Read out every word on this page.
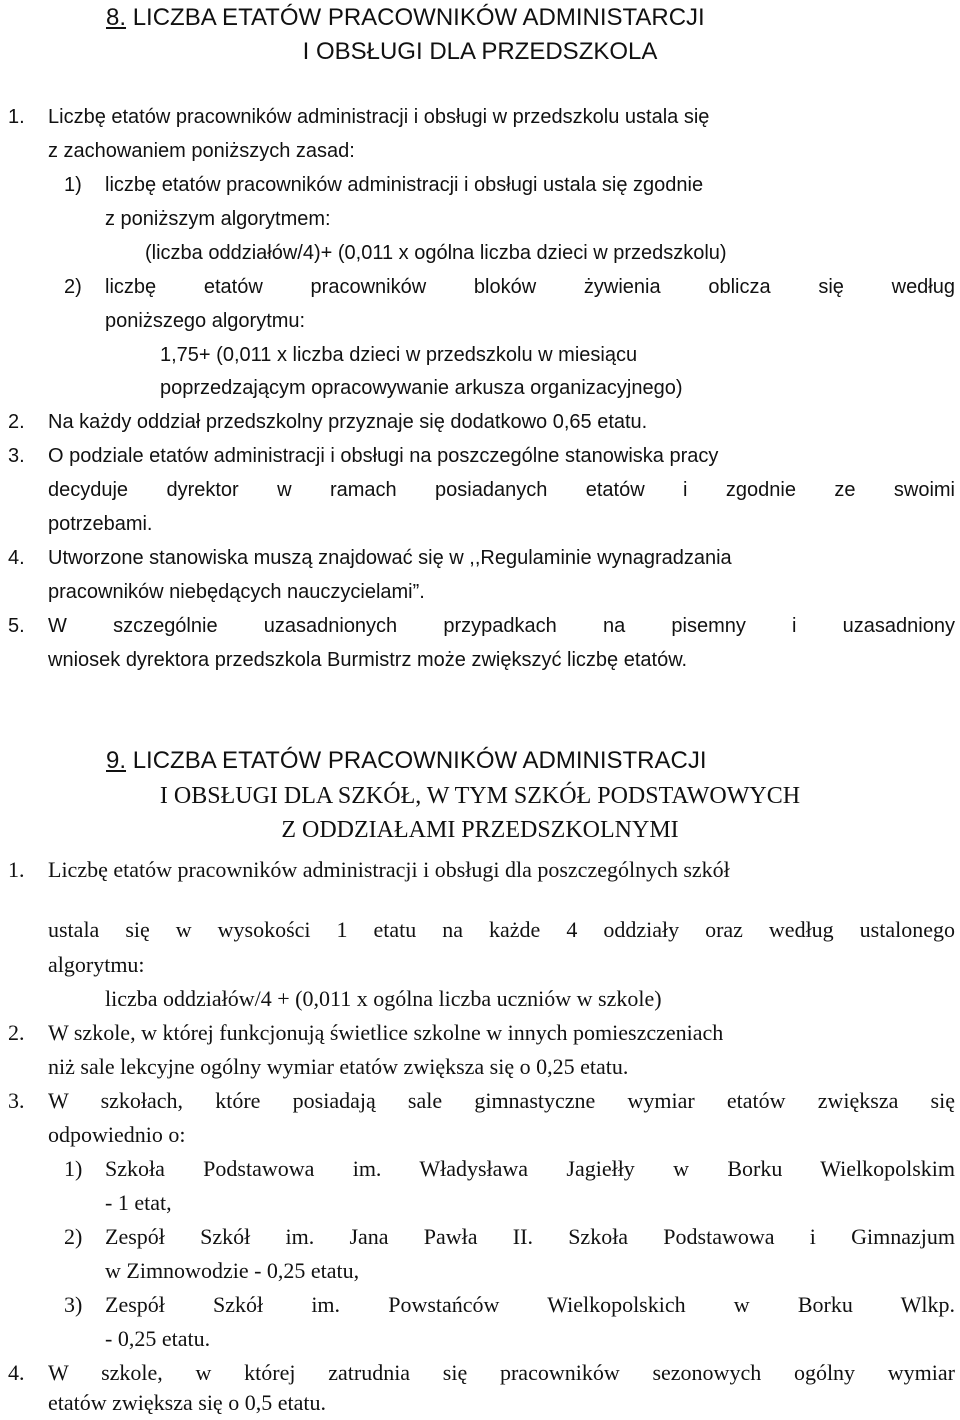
8. LICZBA ETATÓW PRACOWNIKÓW ADMINISTARCJI
I OBSŁUGI DLA PRZEDSZKOLA
1. Liczbę etatów pracowników administracji i obsługi w przedszkolu ustala się
z zachowaniem poniższych zasad:
1) liczbę etatów pracowników administracji i obsługi ustala się zgodnie
z poniższym algorytmem:
(liczba oddziałów/4)+ (0,011 x ogólna liczba dzieci w przedszkolu)
2) liczbę etatów pracowników bloków żywienia oblicza się według
poniższego algorytmu:
1,75+ (0,011 x liczba dzieci w przedszkolu w miesiącu
poprzedzającym opracowywanie arkusza organizacyjnego)
2. Na każdy oddział przedszkolny przyznaje się dodatkowo 0,65 etatu.
3. O podziale etatów administracji i obsługi na poszczególne stanowiska pracy
decyduje dyrektor w ramach posiadanych etatów i zgodnie ze swoimi
potrzebami.
4. Utworzone stanowiska muszą znajdować się w ,,Regulaminie wynagradzania
pracowników niebędących nauczycielami”.
5. W szczególnie uzasadnionych przypadkach na pisemny i uzasadniony
wniosek dyrektora przedszkola Burmistrz może zwiększyć liczbę etatów.
9. LICZBA ETATÓW PRACOWNIKÓW ADMINISTRACJI
I OBSŁUGI DLA SZKÓŁ, W TYM SZKÓŁ PODSTAWOWYCH
Z ODDZIAŁAMI PRZEDSZKOLNYMI
1. Liczbę etatów pracowników administracji i obsługi dla poszczególnych szkół
ustala się w wysokości 1 etatu na każde 4 oddziały oraz według ustalonego
algorytmu:
liczba oddziałów/4 + (0,011 x ogólna liczba uczniów w szkole)
2. W szkole, w której funkcjonują świetlice szkolne w innych pomieszczeniach
niż sale lekcyjne ogólny wymiar etatów zwiększa się o 0,25 etatu.
3. W szkołach, które posiadają sale gimnastyczne wymiar etatów zwiększa się
odpowiednio o:
1) Szkoła Podstawowa im. Władysława Jagiełły w Borku Wielkopolskim
- 1 etat,
2) Zespół Szkół im. Jana Pawła II. Szkoła Podstawowa i Gimnazjum
w Zimnowodzie - 0,25 etatu,
3) Zespół Szkół im. Powstańców Wielkopolskich w Borku Wlkp.
- 0,25 etatu.
4. W szkole, w której zatrudnia się pracowników sezonowych ogólny wymiar
etatów zwiększa się o 0,5 etatu.
